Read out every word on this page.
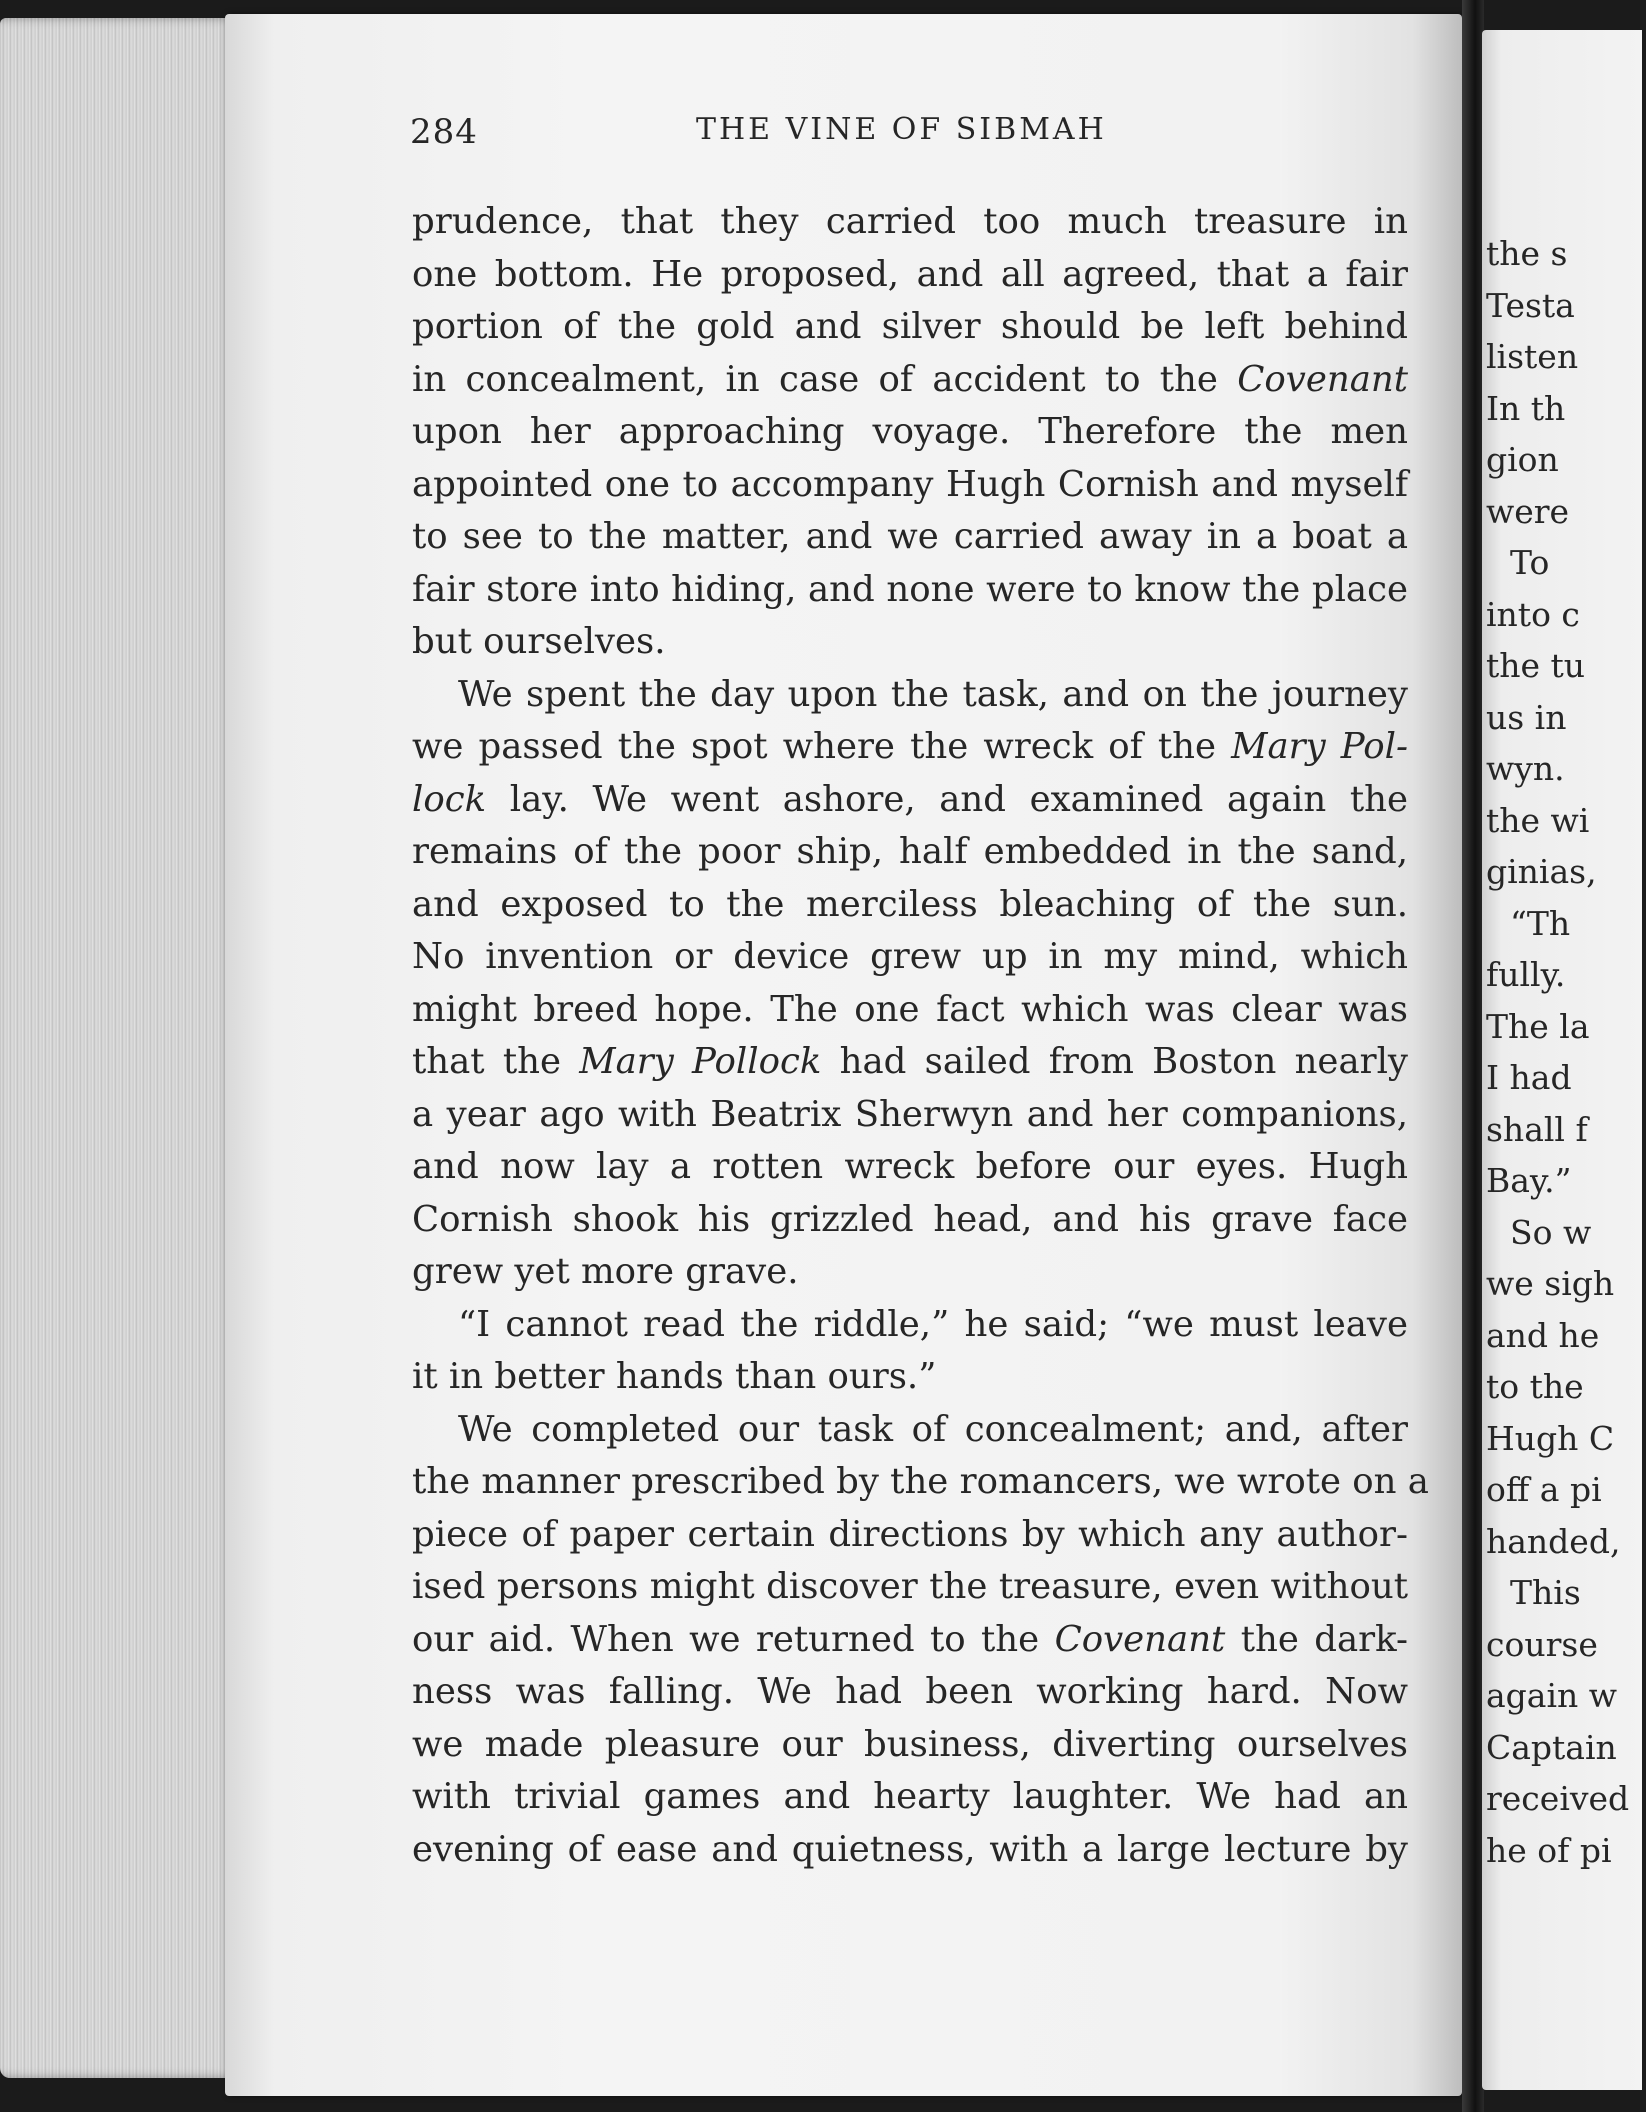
284	THE VINE OF SIBMAH
prudence, that they carried too much treasure in
one bottom. He proposed, and all agreed, that a fair
portion of the gold and silver should be left behind
in concealment, in case of accident to the Covenant
upon her approaching voyage. Therefore the men
appointed one to accompany Hugh Cornish and myself
to see to the matter, and we carried away in a boat a
fair store into hiding, and none were to know the place
but ourselves.
We spent the day upon the task, and on the journey
we passed the spot where the wreck of the Mary Pol-
lock lay. We went ashore, and examined again the
remains of the poor ship, half embedded in the sand,
and exposed to the merciless bleaching of the sun.
No invention or device grew up in my mind, which
might breed hope. The one fact which was clear was
that the Mary Pollock had sailed from Boston nearly
a year ago with Beatrix Sherwyn and her companions,
and now lay a rotten wreck before our eyes. Hugh
Cornish shook his grizzled head, and his grave face
grew yet more grave.
“I cannot read the riddle,” he said; “we must leave
it in better hands than ours.”
We completed our task of concealment; and, after
the manner prescribed by the romancers, we wrote on a
piece of paper certain directions by which any author-
ised persons might discover the treasure, even without
our aid. When we returned to the Covenant the dark-
ness was falling. We had been working hard. Now
we made pleasure our business, diverting ourselves
with trivial games and hearty laughter. We had an
evening of ease and quietness, with a large lecture by
the s
Testa
listen
In th
gion
were
To
into c
the tu
us in
wyn.
the wi
ginias,
“Th
fully.
The la
I had
shall f
Bay.”
So w
we sigh
and he
to the
Hugh C
off a pi
handed,
This
course
again w
Captain
received
he of pi
